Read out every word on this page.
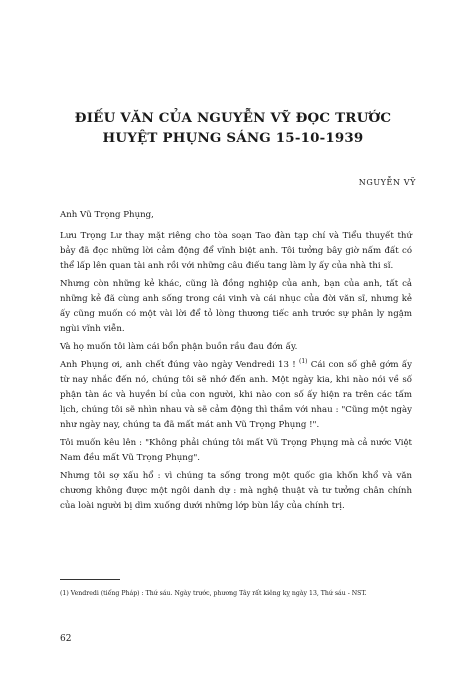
ĐIẾU VĂN CỦA NGUYỄN VỸ ĐỌC TRƯỚC
HUYỆT PHỤNG SÁNG 15-10-1939
NGUYỄN VỸ

Anh Vũ Trọng Phụng,

Lưu Trọng Lư thay mặt riêng cho tòa soạn Tao đàn tạp chí và Tiểu thuyết thứ bảy đã đọc những lời cảm động để vĩnh biệt anh. Tôi tưởng bây giờ nấm đất có thể lấp lên quan tài anh rồi với những câu điếu tang làm ly ấy của nhà thi sĩ.

Nhưng còn những kẻ khác, cũng là đồng nghiệp của anh, bạn của anh, tất cả những kẻ đã cùng anh sống trong cái vinh và cái nhục của đời văn sĩ, nhưng kẻ ấy cũng muốn có một vài lời để tỏ lòng thương tiếc anh trước sự phân ly ngậm ngùi vĩnh viễn.

Và họ muốn tôi làm cái bổn phận buồn rầu đau đớn ấy.

Anh Phụng ơi, anh chết đúng vào ngày Vendredi 13 ! $^{(1)}$ Cái con số ghê gớm ấy từ nay nhắc đến nó, chúng tôi sẽ nhớ đến anh. Một ngày kia, khi nào nói về số phận tàn ác và huyền bí của con người, khi nào con số ấy hiện ra trên các tấm lịch, chúng tôi sẽ nhìn nhau và sẽ cảm động thì thầm với nhau : "Cũng một ngày như ngày nay, chúng ta đã mất mát anh Vũ Trọng Phụng !".

Tôi muốn kêu lên : "Không phải chúng tôi mất Vũ Trọng Phụng mà cả nước Việt Nam đều mất Vũ Trọng Phụng".

Nhưng tôi sợ xấu hổ : vì chúng ta sống trong một quốc gia khốn khổ và văn chương không được một ngôi danh dự : mà nghệ thuật và tư tưởng chân chính của loài người bị dìm xuống dưới những lớp bùn lầy của chính trị.

(1) Vendredi (tiếng Pháp) : Thứ sáu. Ngày trước, phương Tây rất kiêng kỵ ngày 13, Thứ sáu - NST.
62
